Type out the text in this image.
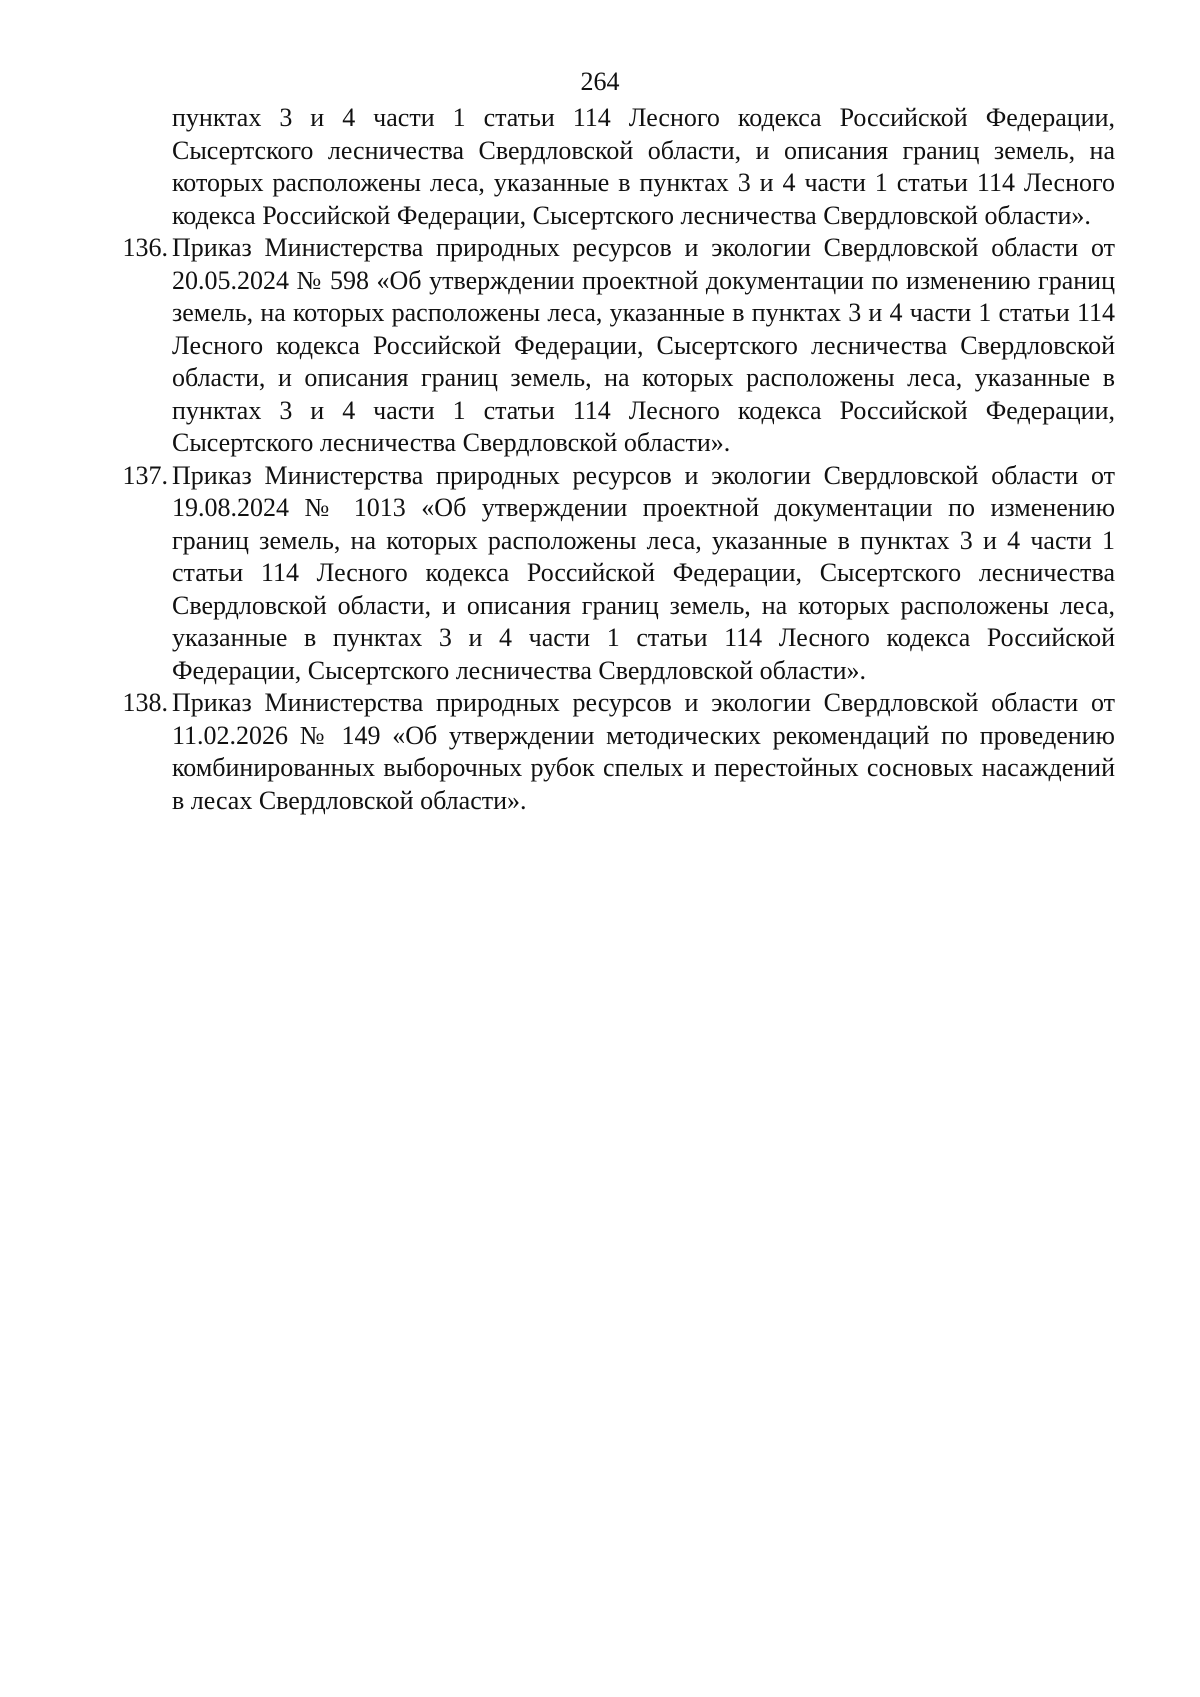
264

пунктах 3 и 4 части 1 статьи 114 Лесного кодекса Российской Федерации, Сысертского лесничества Свердловской области, и описания границ земель, на которых расположены леса, указанные в пунктах 3 и 4 части 1 статьи 114 Лесного кодекса Российской Федерации, Сысертского лесничества Свердловской области».

136. Приказ Министерства природных ресурсов и экологии Свердловской области от 20.05.2024 № 598 «Об утверждении проектной документации по изменению границ земель, на которых расположены леса, указанные в пунктах 3 и 4 части 1 статьи 114 Лесного кодекса Российской Федерации, Сысертского лесничества Свердловской области, и описания границ земель, на которых расположены леса, указанные в пунктах 3 и 4 части 1 статьи 114 Лесного кодекса Российской Федерации, Сысертского лесничества Свердловской области».

137. Приказ Министерства природных ресурсов и экологии Свердловской области от 19.08.2024 № 1013 «Об утверждении проектной документации по изменению границ земель, на которых расположены леса, указанные в пунктах 3 и 4 части 1 статьи 114 Лесного кодекса Российской Федерации, Сысертского лесничества Свердловской области, и описания границ земель, на которых расположены леса, указанные в пунктах 3 и 4 части 1 статьи 114 Лесного кодекса Российской Федерации, Сысертского лесничества Свердловской области».

138. Приказ Министерства природных ресурсов и экологии Свердловской области от 11.02.2026 № 149 «Об утверждении методических рекомендаций по проведению комбинированных выборочных рубок спелых и перестойных сосновых насаждений в лесах Свердловской области».
